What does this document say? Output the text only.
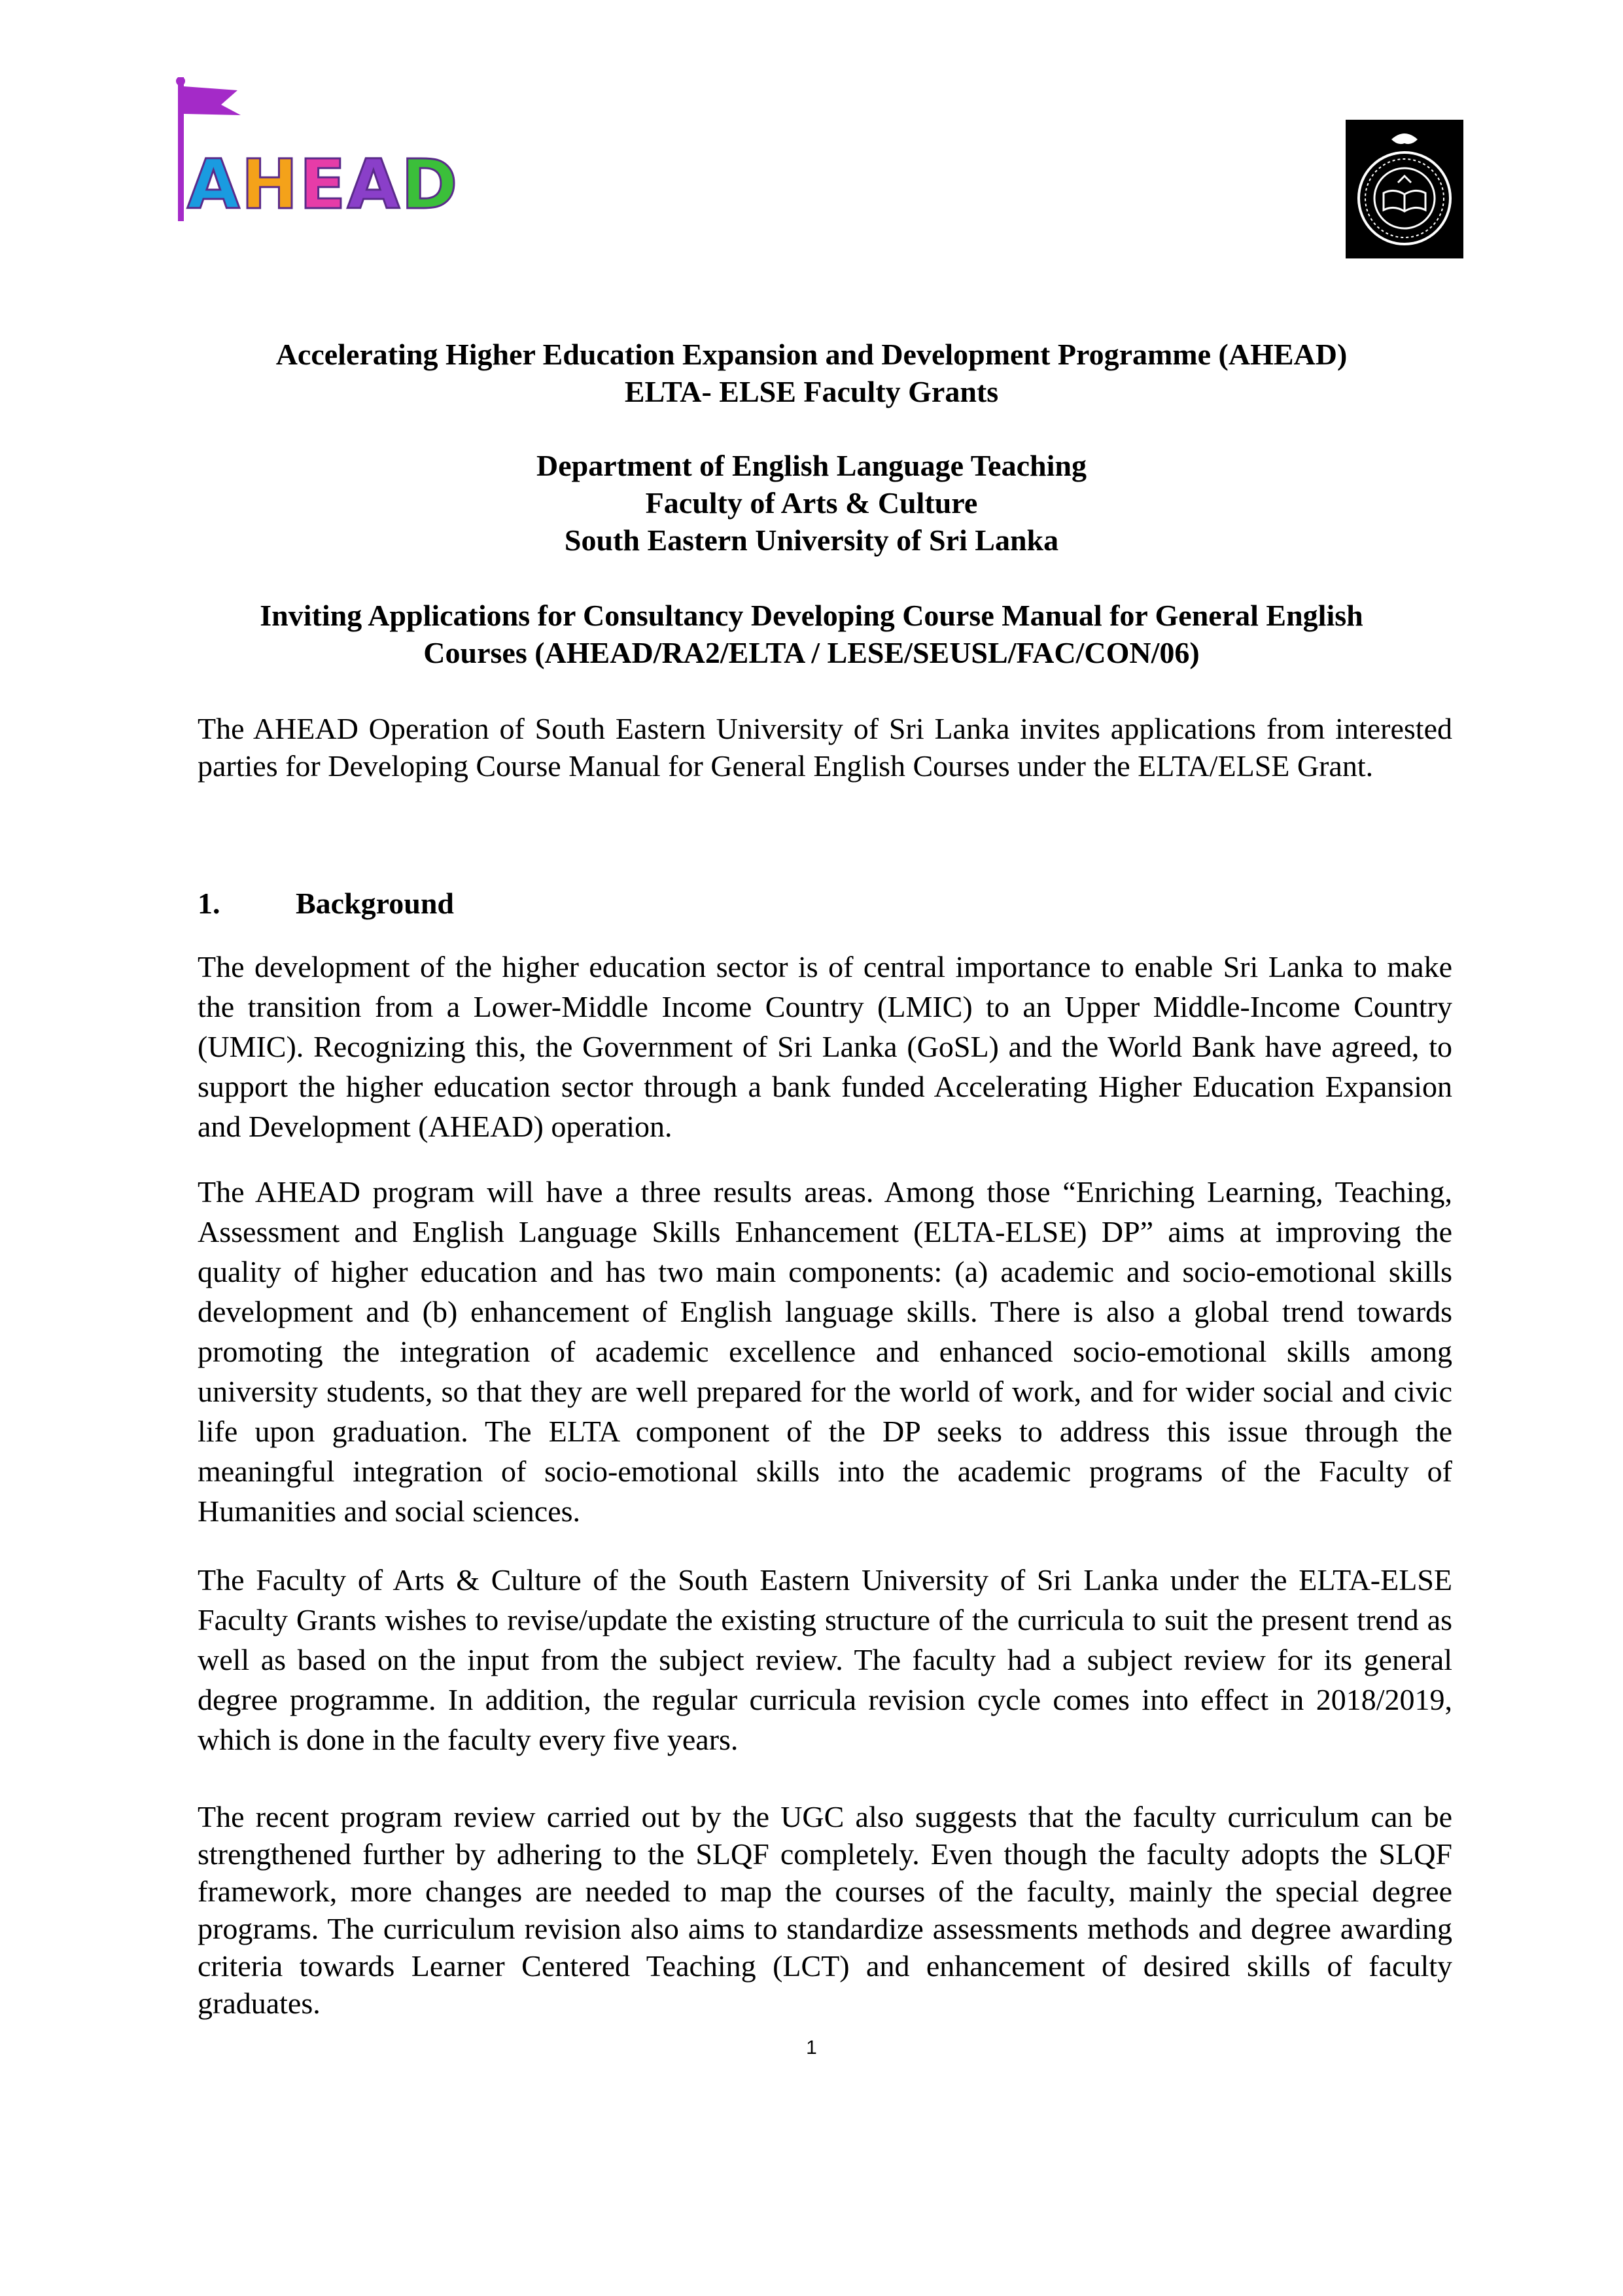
AHEAD
Accelerating Higher Education Expansion and Development Programme (AHEAD)
ELTA- ELSE Faculty Grants
Department of English Language Teaching
Faculty of Arts & Culture
South Eastern University of Sri Lanka
Inviting Applications for Consultancy Developing Course Manual for General English
Courses (AHEAD/RA2/ELTA / LESE/SEUSL/FAC/CON/06)
The AHEAD Operation of South Eastern University of Sri Lanka invites applications from interested parties for Developing Course Manual for General English Courses under the ELTA/ELSE Grant.
1.	Background
The development of the higher education sector is of central importance to enable Sri Lanka to make the transition from a Lower-Middle Income Country (LMIC) to an Upper Middle-Income Country (UMIC). Recognizing this, the Government of Sri Lanka (GoSL) and the World Bank have agreed, to support the higher education sector through a bank funded Accelerating Higher Education Expansion and Development (AHEAD) operation.
The AHEAD program will have a three results areas. Among those “Enriching Learning, Teaching, Assessment and English Language Skills Enhancement (ELTA-ELSE) DP” aims at improving the quality of higher education and has two main components: (a) academic and socio-emotional skills development and (b) enhancement of English language skills. There is also a global trend towards promoting the integration of academic excellence and enhanced socio-emotional skills among university students, so that they are well prepared for the world of work, and for wider social and civic life upon graduation. The ELTA component of the DP seeks to address this issue through the meaningful integration of socio-emotional skills into the academic programs of the Faculty of Humanities and social sciences.
The Faculty of Arts & Culture of the South Eastern University of Sri Lanka under the ELTA-ELSE Faculty Grants wishes to revise/update the existing structure of the curricula to suit the present trend as well as based on the input from the subject review. The faculty had a subject review for its general degree programme. In addition, the regular curricula revision cycle comes into effect in 2018/2019, which is done in the faculty every five years.
The recent program review carried out by the UGC also suggests that the faculty curriculum can be strengthened further by adhering to the SLQF completely. Even though the faculty adopts the SLQF framework, more changes are needed to map the courses of the faculty, mainly the special degree programs. The curriculum revision also aims to standardize assessments methods and degree awarding criteria towards Learner Centered Teaching (LCT) and enhancement of desired skills of faculty graduates.
1
